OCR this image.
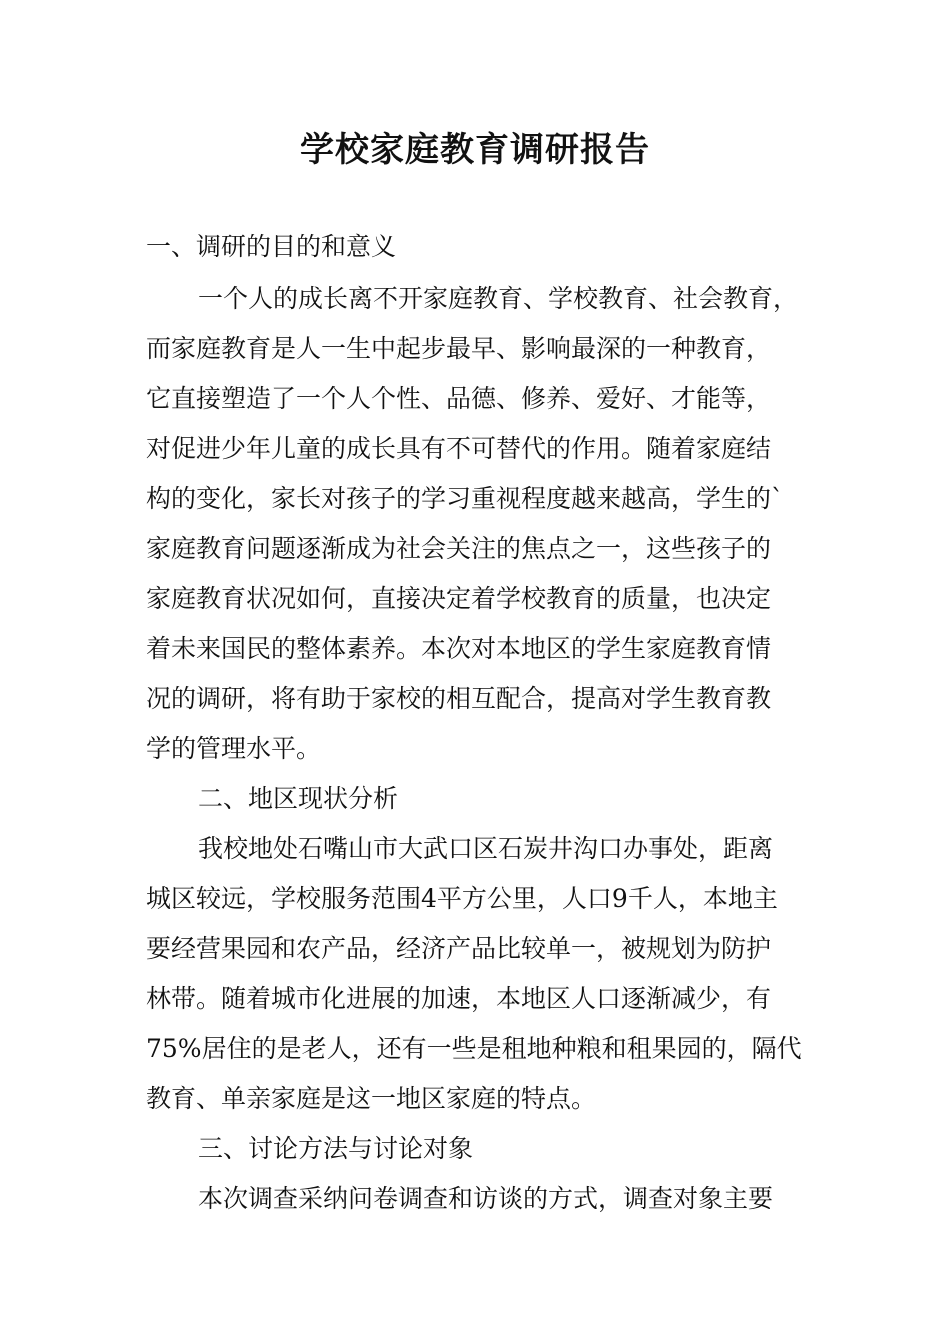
学校家庭教育调研报告
一、调研的目的和意义
一个人的成长离不开家庭教育、学校教育、社会教育，
而家庭教育是人一生中起步最早、影响最深的一种教育，
它直接塑造了一个人个性、品德、修养、爱好、才能等，
对促进少年儿童的成长具有不可替代的作用。随着家庭结
构的变化，家长对孩子的学习重视程度越来越高，学生的`
家庭教育问题逐渐成为社会关注的焦点之一，这些孩子的
家庭教育状况如何，直接决定着学校教育的质量，也决定
着未来国民的整体素养。本次对本地区的学生家庭教育情
况的调研，将有助于家校的相互配合，提高对学生教育教
学的管理水平。
二、地区现状分析
我校地处石嘴山市大武口区石炭井沟口办事处，距离
城区较远，学校服务范围4平方公里，人口9千人，本地主
要经营果园和农产品，经济产品比较单一，被规划为防护
林带。随着城市化进展的加速，本地区人口逐渐减少，有
75%居住的是老人，还有一些是租地种粮和租果园的，隔代
教育、单亲家庭是这一地区家庭的特点。
三、讨论方法与讨论对象
本次调查采纳问卷调查和访谈的方式，调查对象主要
